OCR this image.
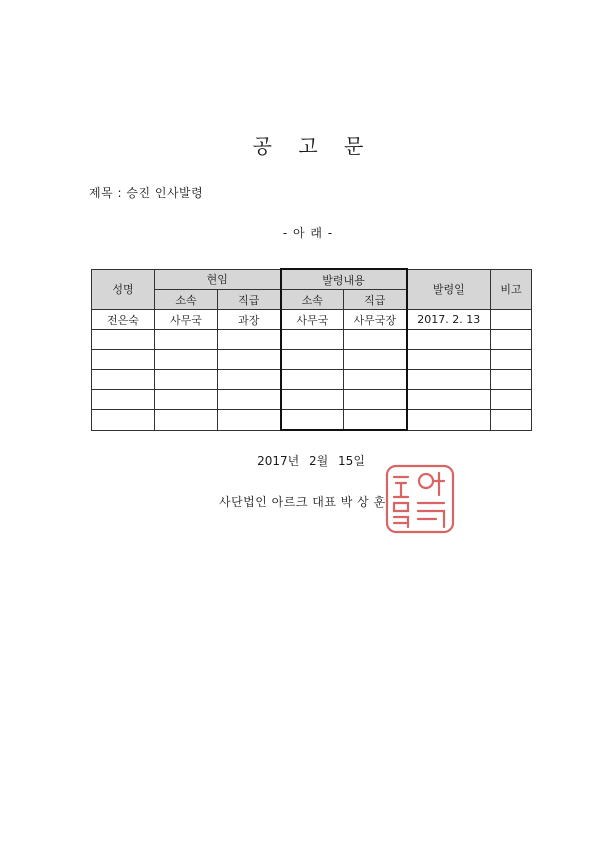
공 고 문
제목 : 승진 인사발령
- 아 래 -
성명	현임		발령내용		발령일	비고
	소속	직급	소속	직급		
전은숙	사무국	과장	사무국	사무국장	2017. 2. 13	

2017년 2월 15일
사단법인 아르크 대표 박 상 훈
